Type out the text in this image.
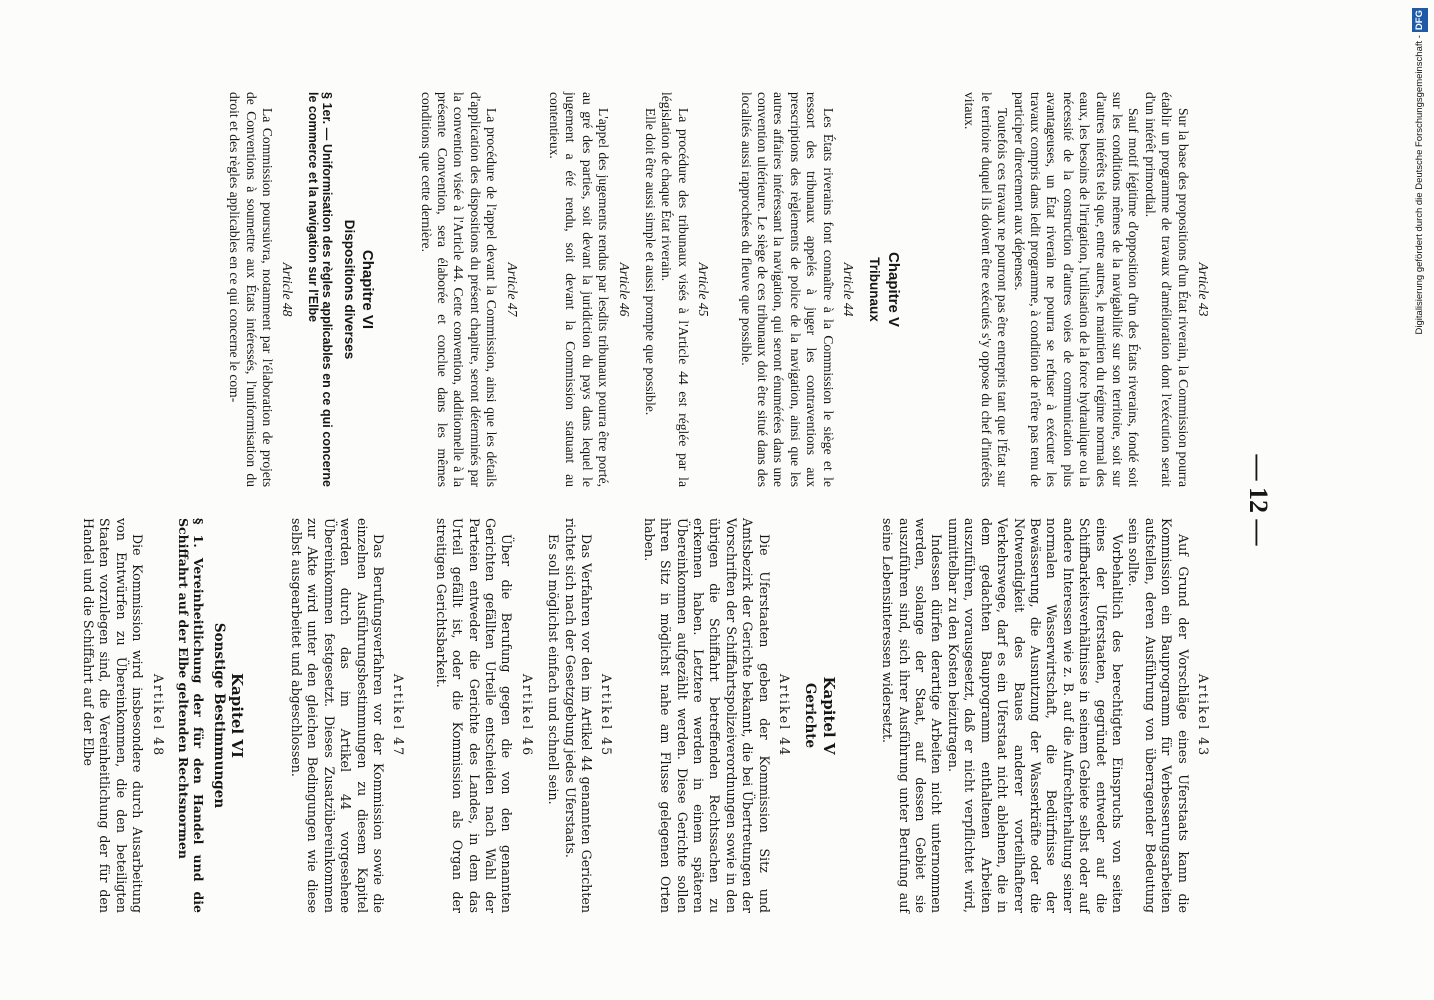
— 12 —
Article 43

Sur la base des propositions d'un État riverain, la Commission pourra établir un programme de travaux d'amélioration dont l'exécution serait d'un intérêt primordial.

Sauf motif légitime d'opposition d'un des États riverains, fondé soit sur les conditions mêmes de la navigabilité sur son territoire, soit sur d'autres intérêts tels que, entre autres, le maintien du régime normal des eaux, les besoins de l'irrigation, l'utilisation de la force hydraulique ou la nécessité de la construction d'autres voies de communication plus avantageuses, un État riverain ne pourra se refuser à exécuter les travaux compris dans ledit programme, à condition de n'être pas tenu de participer directement aux dépenses.

Toutefois ces travaux ne pourront pas être entrepris tant que l'État sur le territoire duquel ils doivent être exécutés s'y oppose du chef d'intérêts vitaux.

Chapitre V
Tribunaux
Article 44

Les États riverains font connaître à la Commission le siège et le ressort des tribunaux appelés à juger les contraventions aux prescriptions des règlements de police de la navigation, ainsi que les autres affaires intéressant la navigation, qui seront énumérées dans une convention ultérieure. Le siège de ces tribunaux doit être situé dans des localités aussi rapprochées du fleuve que possible.

Article 45

La procédure des tribunaux visés à l'Article 44 est réglée par la législation de chaque État riverain.

Elle doit être aussi simple et aussi prompte que possible.

Article 46

L'appel des jugements rendus par lesdits tribunaux pourra être porté, au gré des parties, soit devant la juridiction du pays dans lequel le jugement a été rendu, soit devant la Commission statuant au contentieux.

Article 47

La procédure de l'appel devant la Commission, ainsi que les détails d'application des dispositions du présent chapitre, seront déterminés par la convention visée à l'Article 44. Cette convention, additionnelle à la présente Convention, sera élaborée et conclue dans les mêmes conditions que cette dernière.

Chapitre VI
Dispositions diverses
§ 1er. — Uniformisation des règles applicables en ce qui concerne le commerce et la navigation sur l'Elbe
Article 48

La Commission poursuivra, notamment par l'élaboration de projets de Conventions à soumettre aux États intéressés, l'uniformisation du droit et des règles applicables en ce qui concerne le com-

Artikel 43

Auf Grund der Vorschläge eines Uferstaats kann die Kommission ein Bauprogramm für Verbesserungsarbeiten aufstellen, deren Ausführung von überragender Bedeutung sein sollte.

Vorbehaltlich des berechtigten Einspruchs von seiten eines der Uferstaaten, gegründet entweder auf die Schiffbarkeitsverhältnisse in seinem Gebiete selbst oder auf andere Interessen wie z. B. auf die Aufrechterhaltung seiner normalen Wasserwirtschaft, die Bedürfnisse der Bewässerung, die Ausnutzung der Wasserkräfte oder die Notwendigkeit des Baues anderer vorteilhafterer Verkehrswege, darf es ein Uferstaat nicht ablehnen, die in dem gedachten Bauprogramm enthaltenen Arbeiten auszuführen, vorausgesetzt, daß er nicht verpflichtet wird, unmittelbar zu den Kosten beizutragen.

Indessen dürfen derartige Arbeiten nicht unternommen werden, solange der Staat, auf dessen Gebiet sie auszuführen sind, sich ihrer Ausführung unter Berufung auf seine Lebensinteressen widersetzt.

Kapitel V
Gerichte
Artikel 44

Die Uferstaaten geben der Kommission Sitz und Amtsbezirk der Gerichte bekannt, die bei Übertretungen der Vorschriften der Schiffahrtspolizeiverordnungen sowie in den übrigen die Schiffahrt betreffenden Rechtssachen zu erkennen haben. Letztere werden in einem späteren Übereinkommen aufgezählt werden. Diese Gerichte sollen ihren Sitz in möglichst nahe am Flusse gelegenen Orten haben.

Artikel 45

Das Verfahren vor den im Artikel 44 genannten Gerichten richtet sich nach der Gesetzgebung jedes Uferstaats.

Es soll möglichst einfach und schnell sein.

Artikel 46

Über die Berufung gegen die von den genannten Gerichten gefällten Urteile entscheiden nach Wahl der Parteien entweder die Gerichte des Landes, in dem das Urteil gefällt ist, oder die Kommission als Organ der streitigen Gerichtsbarkeit.

Artikel 47

Das Berufungsverfahren vor der Kommission sowie die einzelnen Ausführungsbestimmungen zu diesem Kapitel werden durch das im Artikel 44 vorgesehene Übereinkommen festgesetzt. Dieses Zusatzübereinkommen zur Akte wird unter den gleichen Bedingungen wie diese selbst ausgearbeitet und abgeschlossen.

Kapitel VI
Sonstige Bestimmungen
§ 1. Vereinheitlichung der für den Handel und die Schiffahrt auf der Elbe geltenden Rechtsnormen
Artikel 48

Die Kommission wird insbesondere durch Ausarbeitung von Entwürfen zu Übereinkommen, die den beteiligten Staaten vorzulegen sind, die Vereinheitlichung der für den Handel und die Schiffahrt auf der Elbe

Digitalisierung gefördert durch die Deutsche Forschungsgemeinschaft -DFG
